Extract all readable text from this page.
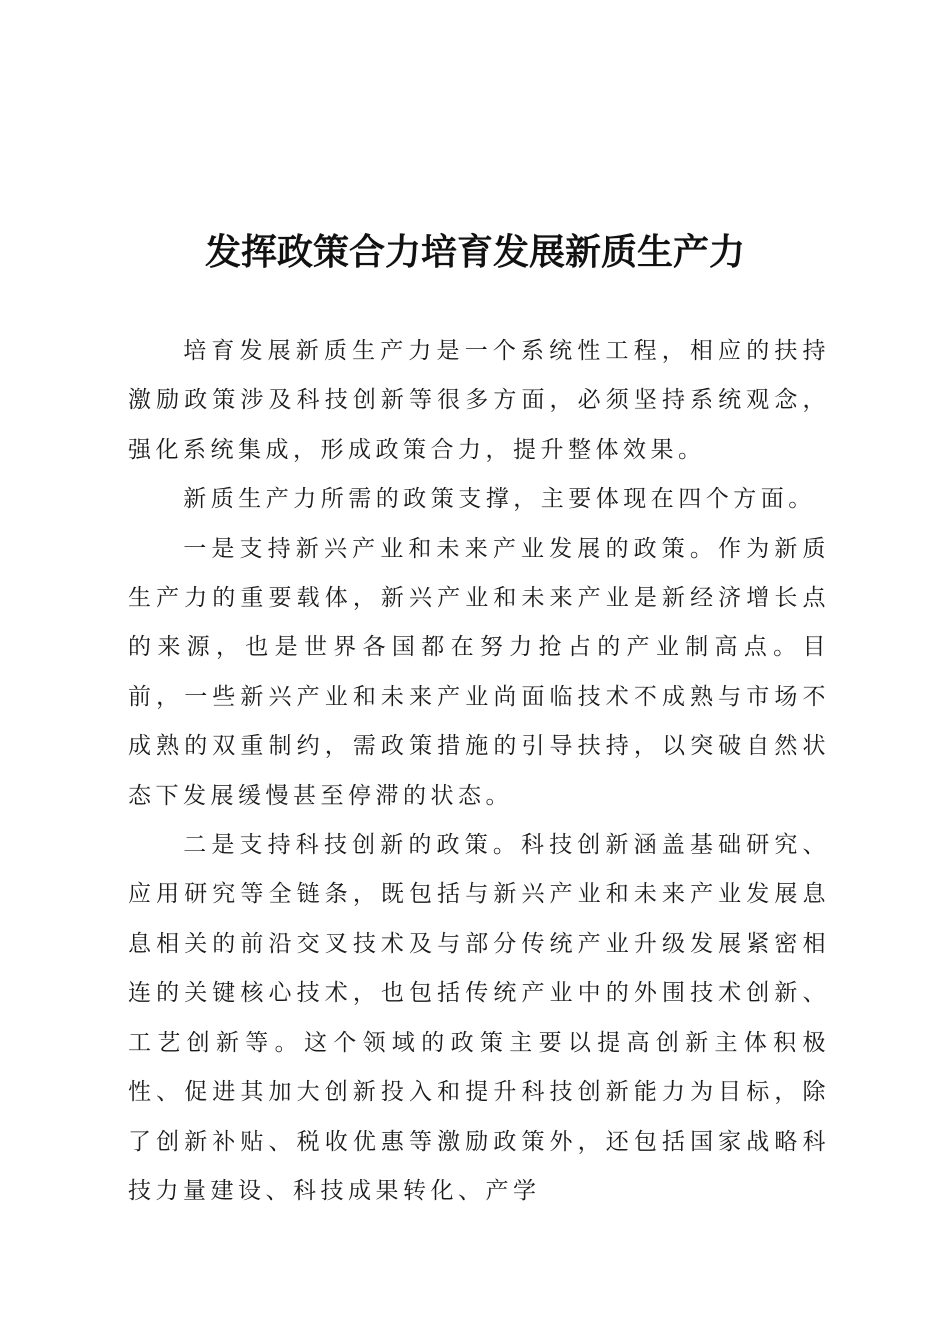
发挥政策合力培育发展新质生产力

培育发展新质生产力是一个系统性工程，相应的扶持激励政策涉及科技创新等很多方面，必须坚持系统观念，强化系统集成，形成政策合力，提升整体效果。

新质生产力所需的政策支撑，主要体现在四个方面。

一是支持新兴产业和未来产业发展的政策。作为新质生产力的重要载体，新兴产业和未来产业是新经济增长点的来源，也是世界各国都在努力抢占的产业制高点。目前，一些新兴产业和未来产业尚面临技术不成熟与市场不成熟的双重制约，需政策措施的引导扶持，以突破自然状态下发展缓慢甚至停滞的状态。

二是支持科技创新的政策。科技创新涵盖基础研究、应用研究等全链条，既包括与新兴产业和未来产业发展息息相关的前沿交叉技术及与部分传统产业升级发展紧密相连的关键核心技术，也包括传统产业中的外围技术创新、工艺创新等。这个领域的政策主要以提高创新主体积极性、促进其加大创新投入和提升科技创新能力为目标，除了创新补贴、税收优惠等激励政策外，还包括国家战略科技力量建设、科技成果转化、产学
